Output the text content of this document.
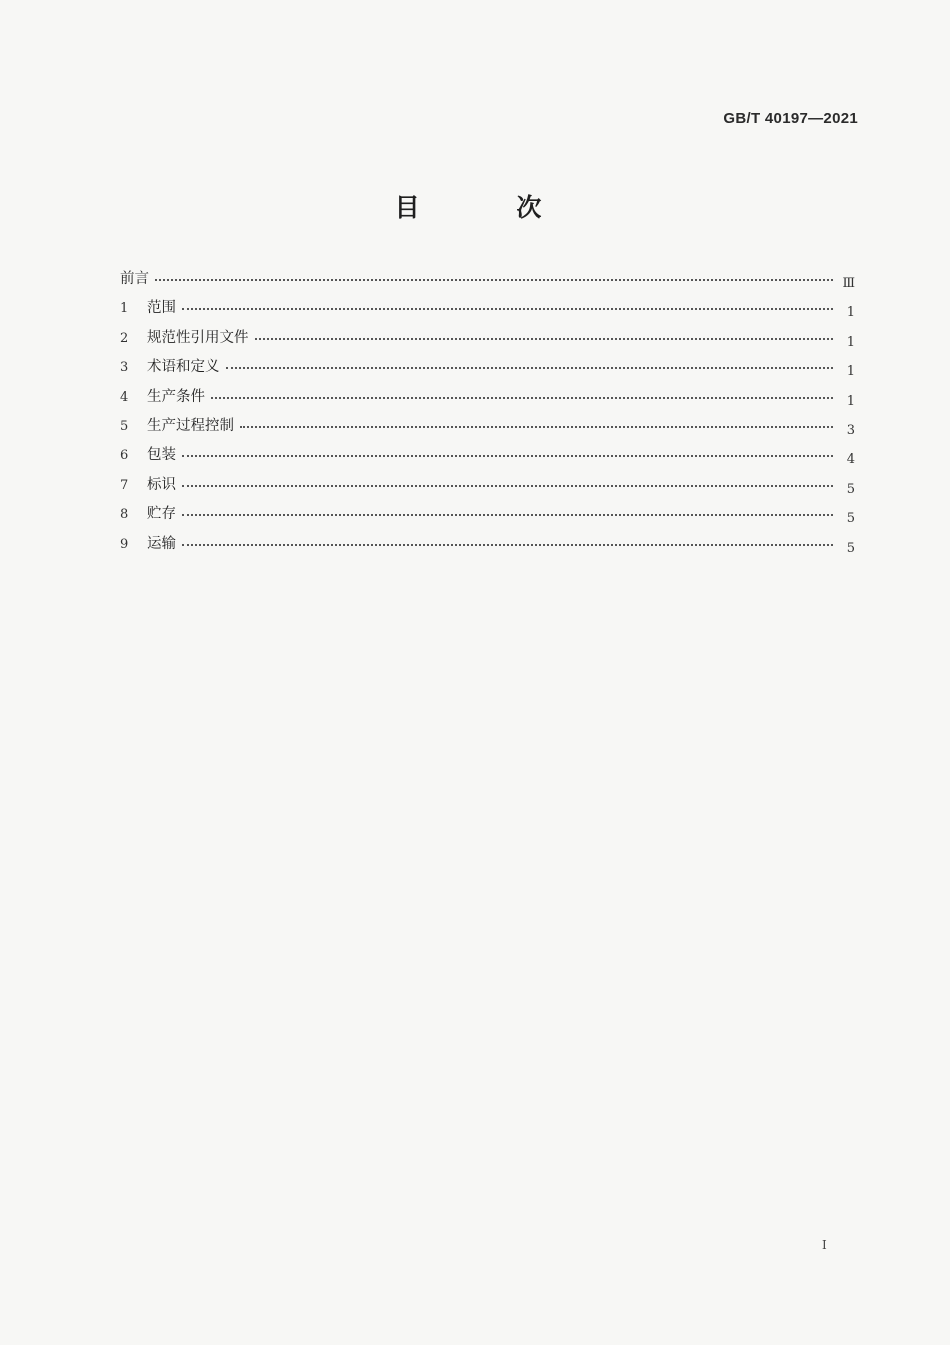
GB/T 40197—2021
目 次
前言	Ⅲ
1	范围	1
2	规范性引用文件	1
3	术语和定义	1
4	生产条件	1
5	生产过程控制	3
6	包装	4
7	标识	5
8	贮存	5
9	运输	5
I
